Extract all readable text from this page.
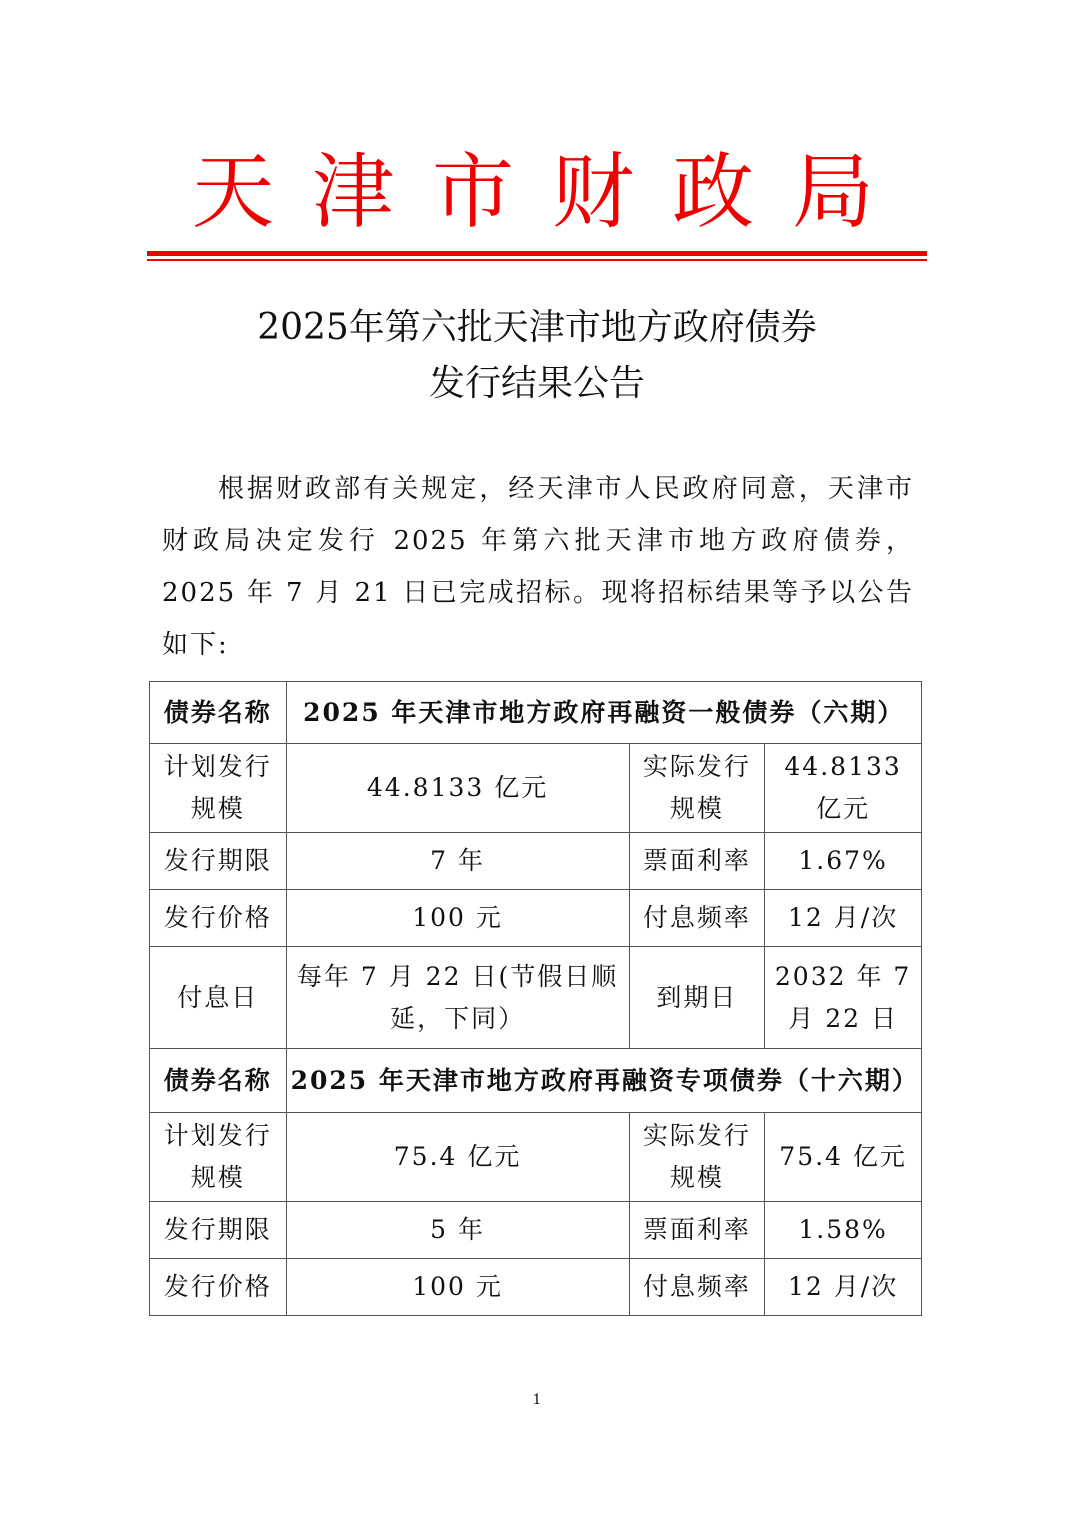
天津市财政局
2025年第六批天津市地方政府债券
发行结果公告
根据财政部有关规定，经天津市人民政府同意，天津市财政局决定发行 2025 年第六批天津市地方政府债券，2025 年 7 月 21 日已完成招标。现将招标结果等予以公告如下:
债券名称	2025 年天津市地方政府再融资一般债券（六期）		
计划发行规模	44.8133 亿元	实际发行规模	44.8133 亿元
发行期限	7 年	票面利率	1.67%
发行价格	100 元	付息频率	12 月/次
付息日	每年 7 月 22 日(节假日顺延，下同）	到期日	2032 年 7 月 22 日
债券名称	2025 年天津市地方政府再融资专项债券（十六期）		
计划发行规模	75.4 亿元	实际发行规模	75.4 亿元
发行期限	5 年	票面利率	1.58%
发行价格	100 元	付息频率	12 月/次
1
